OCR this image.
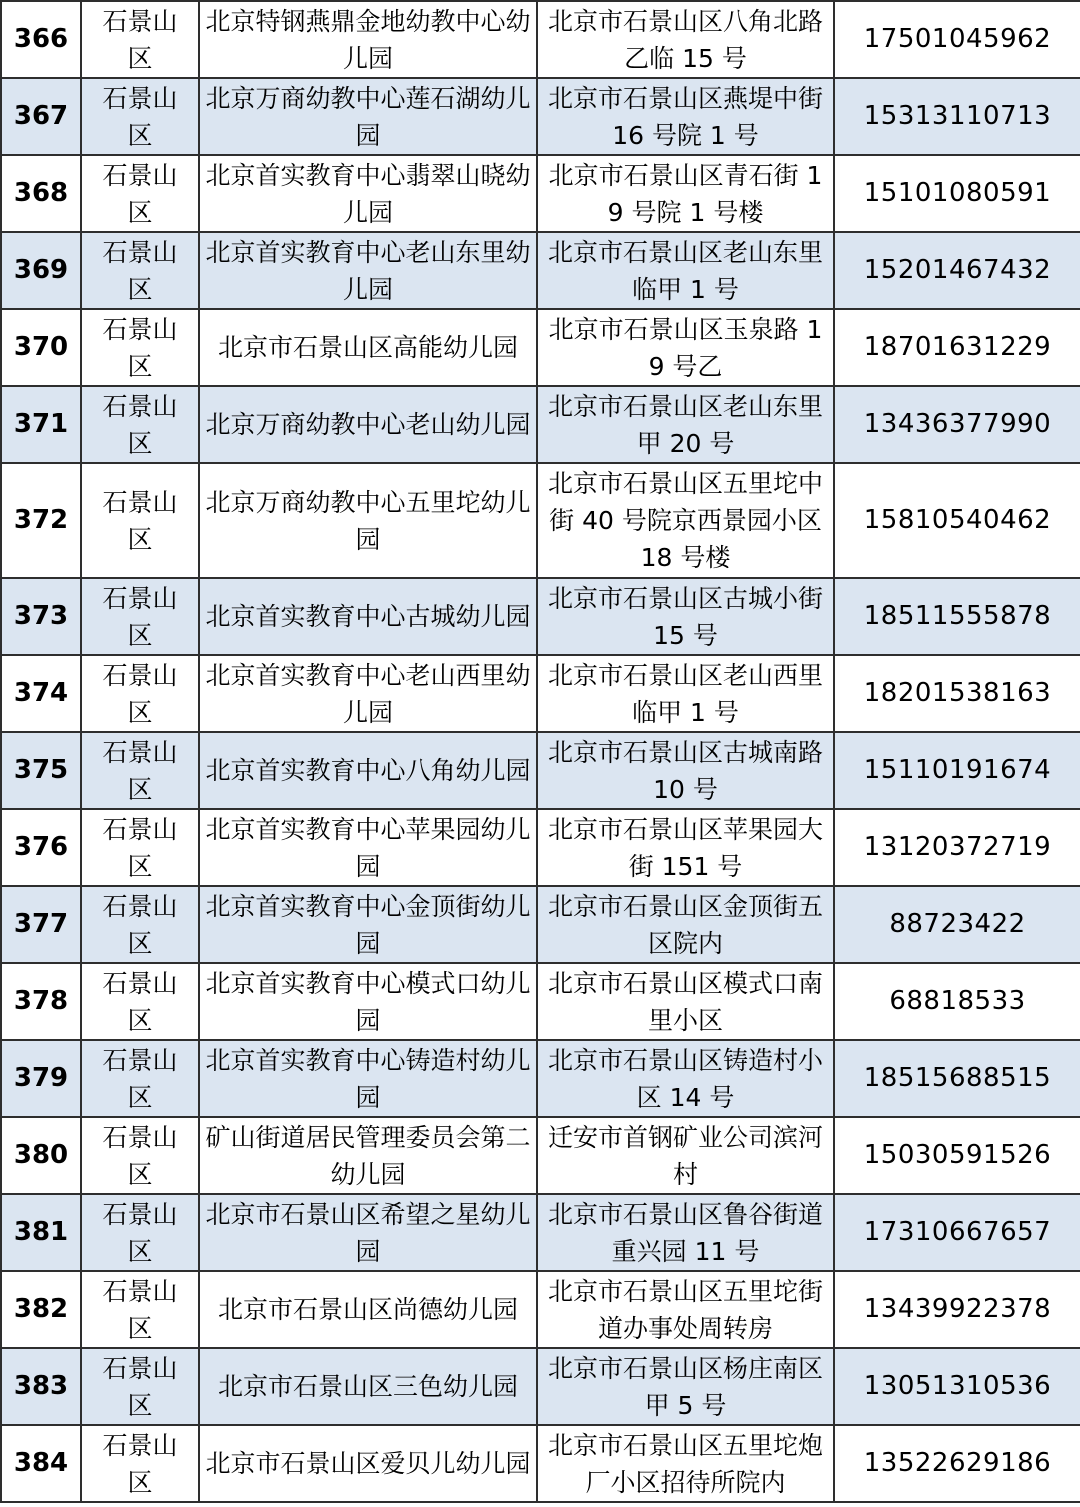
366	石景山区	北京特钢燕鼎金地幼教中心幼 儿园	北京市石景山区八角北路乙临 15 号	17501045962
367	石景山区	北京万商幼教中心莲石湖幼儿 园	北京市石景山区燕堤中街 16 号院 1 号	15313110713
368	石景山区	北京首实教育中心翡翠山晓幼 儿园	北京市石景山区青石街 19 号院 1 号楼	15101080591
369	石景山区	北京首实教育中心老山东里幼 儿园	北京市石景山区老山东里临甲 1 号	15201467432
370	石景山区	北京市石景山区高能幼儿园	北京市石景山区玉泉路 19 号乙	18701631229
371	石景山区	北京万商幼教中心老山幼儿园	北京市石景山区老山东里甲 20 号	13436377990
372	石景山区	北京万商幼教中心五里坨幼儿 园	北京市石景山区五里坨中街 40 号院京西景园小区 18 号楼	15810540462
373	石景山区	北京首实教育中心古城幼儿园	北京市石景山区古城小街 15 号	18511555878
374	石景山区	北京首实教育中心老山西里幼 儿园	北京市石景山区老山西里临甲 1 号	18201538163
375	石景山区	北京首实教育中心八角幼儿园	北京市石景山区古城南路 10 号	15110191674
376	石景山区	北京首实教育中心苹果园幼儿 园	北京市石景山区苹果园大街 151 号	13120372719
377	石景山区	北京首实教育中心金顶街幼儿 园	北京市石景山区金顶街五区院内	88723422
378	石景山区	北京首实教育中心模式口幼儿 园	北京市石景山区模式口南里小区	68818533
379	石景山区	北京首实教育中心铸造村幼儿 园	北京市石景山区铸造村小区 14 号	18515688515
380	石景山区	矿山街道居民管理委员会第二 幼儿园	迁安市首钢矿业公司滨河村	15030591526
381	石景山区	北京市石景山区希望之星幼儿 园	北京市石景山区鲁谷街道重兴园 11 号	17310667657
382	石景山区	北京市石景山区尚德幼儿园	北京市石景山区五里坨街道办事处周转房	13439922378
383	石景山区	北京市石景山区三色幼儿园	北京市石景山区杨庄南区甲 5 号	13051310536
384	石景山区	北京市石景山区爱贝儿幼儿园	北京市石景山区五里坨炮厂小区招待所院内	13522629186
